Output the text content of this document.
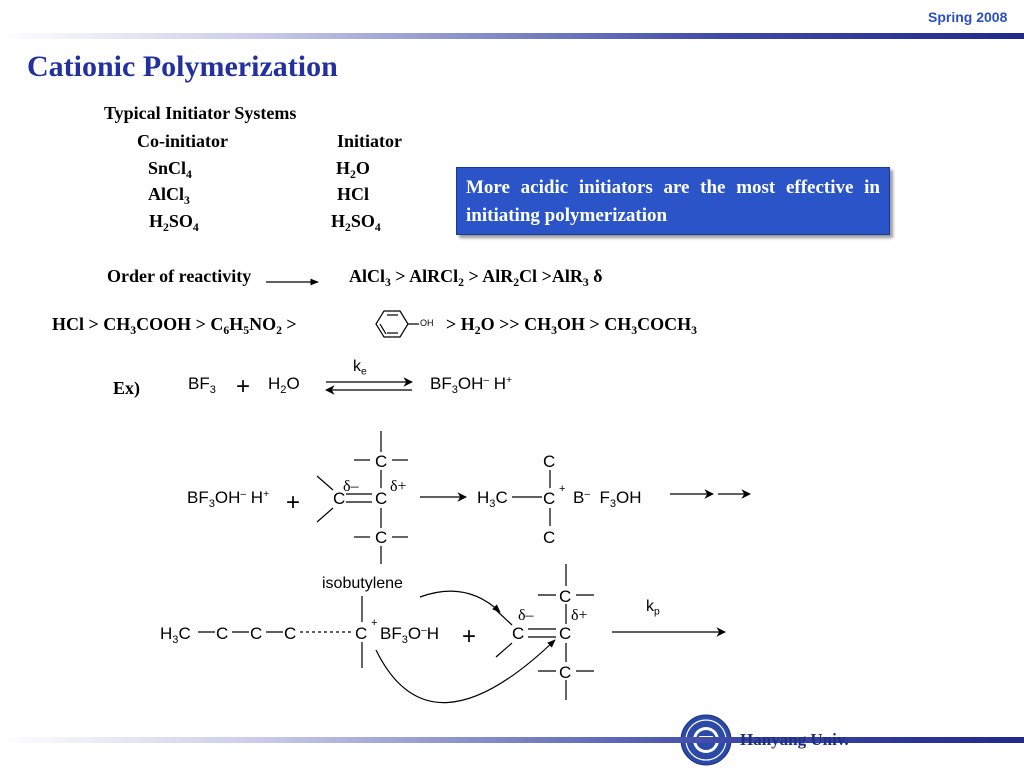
Spring 2008
Cationic Polymerization
Typical Initiator Systems
Co-initiator	Initiator
SnCl$_4$	$H_2O$
AlCl$_3$	HCl
$H_2SO_4$	$H_2SO_4$
More acidic initiators are the most effective in initiating polymerization
Order of reactivity	AlCl$_3$ > AlRCl$_2$ > AlR$_2$Cl >AlR$_3$ δ
HCl > $CH_3COOH > C_6H_5NO_2$ >	> $H_2O >> CH_3OH$ > $CH_3COCH_3$
OH
Ex)	$BF_3 + H_2O$
$k_e$
$BF_3OH^-$ H+
$BF_3OH^-$ H+ +	$H_3C$	B–  $F_3OH$
isobutylene
$H_3C$	$BF_3O^-H$ +
$k_p$
C
C C
C
δ– δ+
C
C +
C
C C C	C
+
C
C C
C
δ– δ+
Hanyang Univ.
